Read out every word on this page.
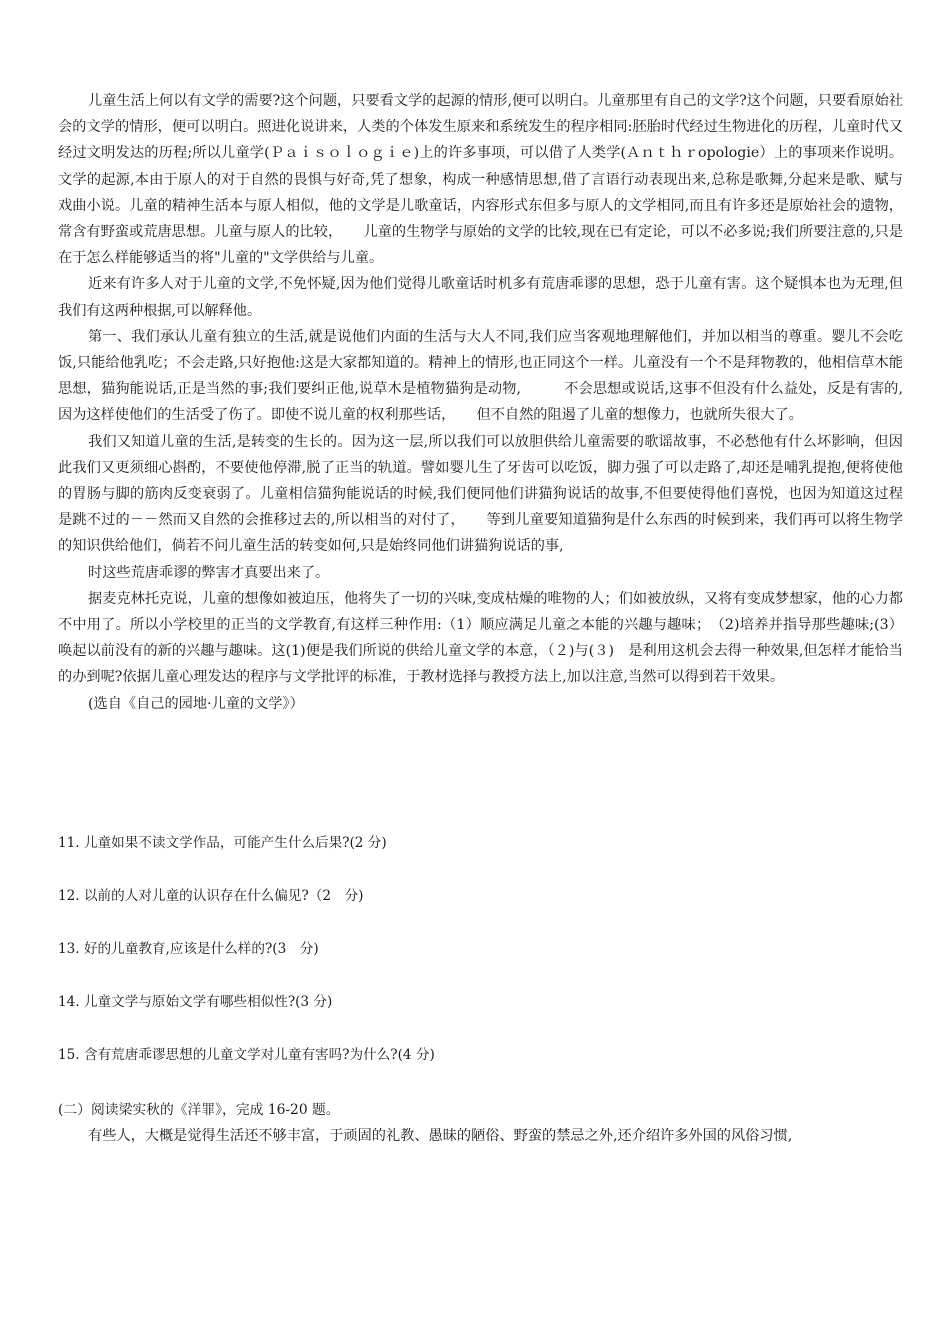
儿童生活上何以有文学的需要?这个问题，只要看文学的起源的情形,便可以明白。儿童那里有自己的文学?这个问题，只要看原始社会的文学的情形，便可以明白。照进化说讲来，人类的个体发生原来和系统发生的程序相同:胚胎时代经过生物进化的历程，儿童时代又经过文明发达的历程;所以儿童学(Ｐａｉｓｏｌｏｇｉｅ)上的许多事项，可以借了人类学(Ａｎｔｈｒopologie）上的事项来作说明。文学的起源,本由于原人的对于自然的畏惧与好奇,凭了想象，构成一种感情思想,借了言语行动表现出来,总称是歌舞,分起来是歌、赋与戏曲小说。儿童的精神生活本与原人相似，他的文学是儿歌童话，内容形式东但多与原人的文学相同,而且有许多还是原始社会的遗物，常含有野蛮或荒唐思想。儿童与原人的比较，　　儿童的生物学与原始的文学的比较,现在已有定论，可以不必多说;我们所要注意的,只是在于怎么样能够适当的将"儿童的"文学供给与儿童。

近来有许多人对于儿童的文学,不免怀疑,因为他们觉得儿歌童话时机多有荒唐乖谬的思想，恐于儿童有害。这个疑惧本也为无理,但我们有这两种根据,可以解释他。

第一、我们承认儿童有独立的生活,就是说他们内面的生活与大人不同,我们应当客观地理解他们，并加以相当的尊重。婴儿不会吃饭,只能给他乳吃；不会走路,只好抱他:这是大家都知道的。精神上的情形,也正同这个一样。儿童没有一个不是拜物教的，他相信草木能思想，猫狗能说话,正是当然的事;我们要纠正他,说草木是植物猫狗是动物,　　　不会思想或说话,这事不但没有什么益处，反是有害的,因为这样使他们的生活受了伤了。即使不说儿童的权利那些话，　　但不自然的阻遏了儿童的想像力，也就所失很大了。

我们又知道儿童的生活,是转变的生长的。因为这一层,所以我们可以放胆供给儿童需要的歌谣故事，不必愁他有什么坏影响，但因此我们又更须细心斟酌，不要使他停滞,脱了正当的轨道。譬如婴儿生了牙齿可以吃饭，脚力强了可以走路了,却还是哺乳提抱,便将使他的胃肠与脚的筋肉反变衰弱了。儿童相信猫狗能说话的时候,我们便同他们讲猫狗说话的故事,不但要使得他们喜悦，也因为知道这过程是跳不过的－－然而又自然的会推移过去的,所以相当的对付了，　　等到儿童要知道猫狗是什么东西的时候到来，我们再可以将生物学的知识供给他们，倘若不问儿童生活的转变如何,只是始终同他们讲猫狗说话的事,

时这些荒唐乖谬的弊害才真要出来了。

据麦克林托克说，儿童的想像如被迫压，他将失了一切的兴味,变成枯燥的唯物的人；们如被放纵，又将有变成梦想家，他的心力都不中用了。所以小学校里的正当的文学教育,有这样三种作用:（1）顺应满足儿童之本能的兴趣与趣味；　（2)培养并指导那些趣味;(3）唤起以前没有的新的兴趣与趣味。这(1)便是我们所说的供给儿童文学的本意，（２)与(３)　是利用这机会去得一种效果,但怎样才能恰当的办到呢?依据儿童心理发达的程序与文学批评的标准，于教材选择与教授方法上,加以注意,当然可以得到若干效果。

(选自《自己的园地·儿童的文学》）

11. 儿童如果不读文学作品，可能产生什么后果?(2 分)

12. 以前的人对儿童的认识存在什么偏见?（2　分)

13. 好的儿童教育,应该是什么样的?(3　分)

14. 儿童文学与原始文学有哪些相似性?(3 分)

15. 含有荒唐乖谬思想的儿童文学对儿童有害吗?为什么?(4 分)

(二）阅读梁实秋的《洋罪》，完成 16-20 题。

有些人，大概是觉得生活还不够丰富，于顽固的礼教、愚昧的陋俗、野蛮的禁忌之外,还介绍许多外国的风俗习惯,
